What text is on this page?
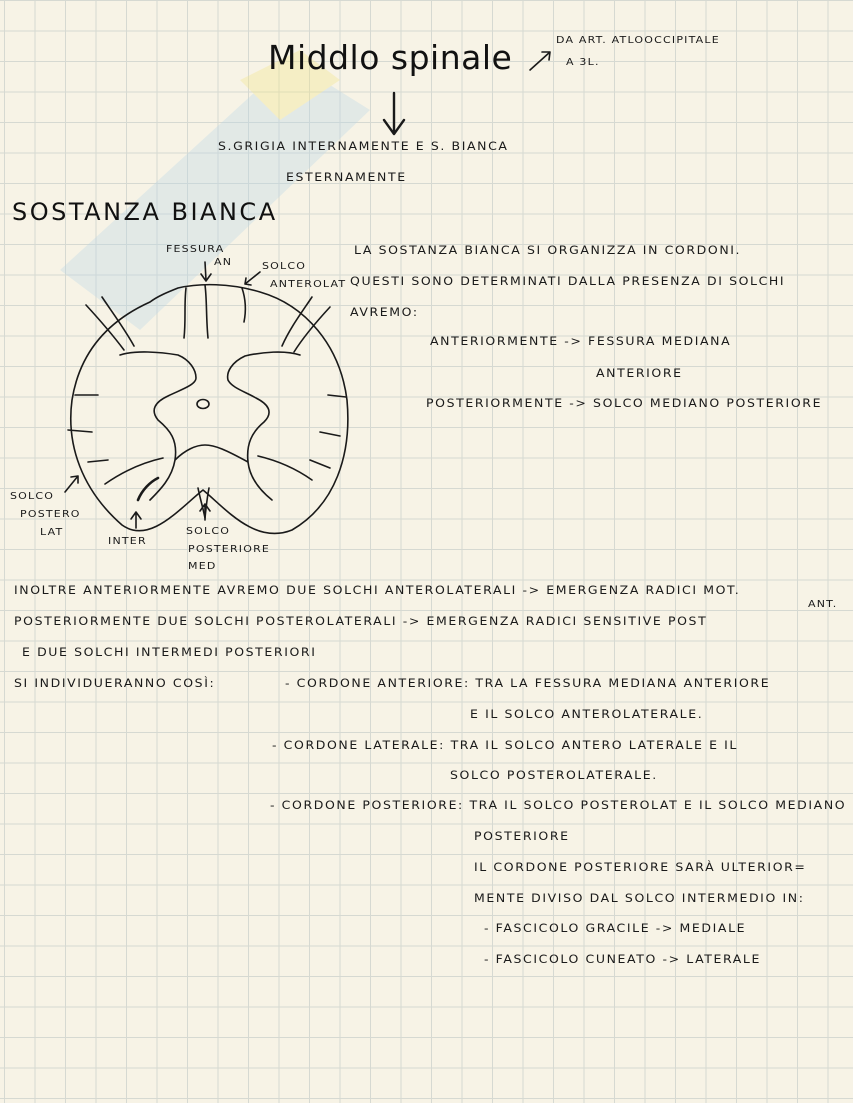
Middlo spinale	DA ART. ATLOOCCIPITALE
A 3L.
S.GRIGIA INTERNAMENTE E S. BIANCA
ESTERNAMENTE
SOSTANZA BIANCA
FESSURA
AN	SOLCO
ANTEROLAT
SOLCO
POSTERO
LAT
INTER
SOLCO
POSTERIORE
MED
LA SOSTANZA BIANCA SI ORGANIZZA IN CORDONI.
QUESTI SONO DETERMINATI DALLA PRESENZA DI SOLCHI
AVREMO:
ANTERIORMENTE -> FESSURA MEDIANA
ANTERIORE
POSTERIORMENTE -> SOLCO MEDIANO POSTERIORE
INOLTRE ANTERIORMENTE AVREMO DUE SOLCHI ANTEROLATERALI -> EMERGENZA RADICI MOT.
ANT.
POSTERIORMENTE DUE SOLCHI POSTEROLATERALI -> EMERGENZA RADICI SENSITIVE POST
E DUE SOLCHI INTERMEDI POSTERIORI
SI INDIVIDUERANNO COSÌ:	- CORDONE ANTERIORE: TRA LA FESSURA MEDIANA ANTERIORE
E IL SOLCO ANTEROLATERALE.
- CORDONE LATERALE: TRA IL SOLCO ANTERO LATERALE E IL
SOLCO POSTEROLATERALE.
- CORDONE POSTERIORE: TRA IL SOLCO POSTEROLAT E IL SOLCO MEDIANO
POSTERIORE
IL CORDONE POSTERIORE SARÀ ULTERIOR=
MENTE DIVISO DAL SOLCO INTERMEDIO IN:
- FASCICOLO GRACILE -> MEDIALE
- FASCICOLO CUNEATO -> LATERALE
